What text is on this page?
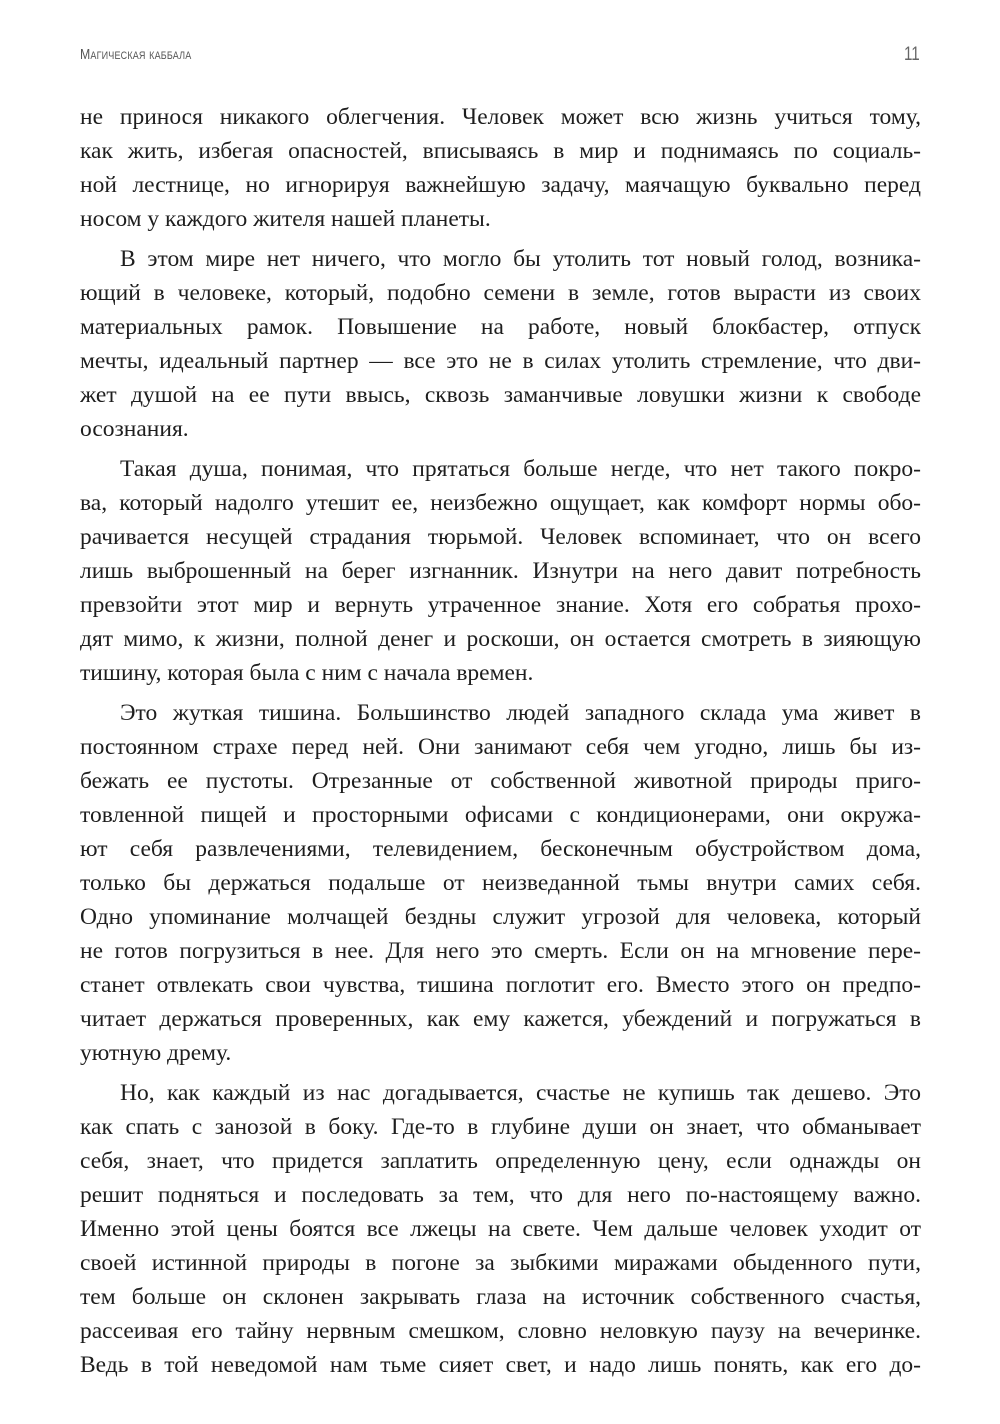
Магическая каббала	11
не принося никакого облегчения. Человек может всю жизнь учиться тому,
как жить, избегая опасностей, вписываясь в мир и поднимаясь по социаль-
ной лестнице, но игнорируя важнейшую задачу, маячащую буквально перед
носом у каждого жителя нашей планеты.
В этом мире нет ничего, что могло бы утолить тот новый голод, возника-
ющий в человеке, который, подобно семени в земле, готов вырасти из своих
материальных рамок. Повышение на работе, новый блокбастер, отпуск
мечты, идеальный партнер — все это не в силах утолить стремление, что дви-
жет душой на ее пути ввысь, сквозь заманчивые ловушки жизни к свободе
осознания.
Такая душа, понимая, что прятаться больше негде, что нет такого покро-
ва, который надолго утешит ее, неизбежно ощущает, как комфорт нормы обо-
рачивается несущей страдания тюрьмой. Человек вспоминает, что он всего
лишь выброшенный на берег изгнанник. Изнутри на него давит потребность
превзойти этот мир и вернуть утраченное знание. Хотя его собратья прохо-
дят мимо, к жизни, полной денег и роскоши, он остается смотреть в зияющую
тишину, которая была с ним с начала времен.
Это жуткая тишина. Большинство людей западного склада ума живет в
постоянном страхе перед ней. Они занимают себя чем угодно, лишь бы из-
бежать ее пустоты. Отрезанные от собственной животной природы приго-
товленной пищей и просторными офисами с кондиционерами, они окружа-
ют себя развлечениями, телевидением, бесконечным обустройством дома,
только бы держаться подальше от неизведанной тьмы внутри самих себя.
Одно упоминание молчащей бездны служит угрозой для человека, который
не готов погрузиться в нее. Для него это смерть. Если он на мгновение пере-
станет отвлекать свои чувства, тишина поглотит его. Вместо этого он предпо-
читает держаться проверенных, как ему кажется, убеждений и погружаться в
уютную дрему.
Но, как каждый из нас догадывается, счастье не купишь так дешево. Это
как спать с занозой в боку. Где-то в глубине души он знает, что обманывает
себя, знает, что придется заплатить определенную цену, если однажды он
решит подняться и последовать за тем, что для него по-настоящему важно.
Именно этой цены боятся все лжецы на свете. Чем дальше человек уходит от
своей истинной природы в погоне за зыбкими миражами обыденного пути,
тем больше он склонен закрывать глаза на источник собственного счастья,
рассеивая его тайну нервным смешком, словно неловкую паузу на вечеринке.
Ведь в той неведомой нам тьме сияет свет, и надо лишь понять, как его до-
